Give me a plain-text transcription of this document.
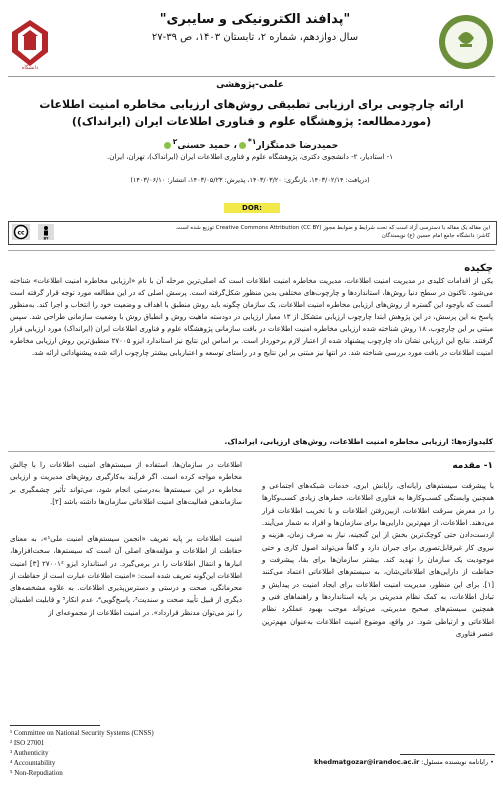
دانشگاه
"پدافند الکترونیکی و سایبری"
سال دوازدهم، شماره ۲، تابستان ۱۴۰۳، ص ۳۹-۲۷
علمی-پژوهشی
ارائه چارچوبی برای ارزیابی تطبیقی روش‌های ارزیابی مخاطره امنیت اطلاعات
(موردمطالعه: پژوهشگاه علوم و فناوری اطلاعات ایران (ایرانداک))
حمیدرضا خدمتگزار$^{۱*}$، حمید حسنی$^۲$
۱- استادیار، ۲- دانشجوی دکتری، پژوهشگاه علوم و فناوری اطلاعات ایران (ایرانداک)، تهران، ایران.
(دریافت: ۱۴۰۳/۰۲/۱۴، بازنگری: ۱۴۰۳/۰۳/۲۰، پذیرش: ۱۴۰۳/۰۵/۲۳، انتشار: ۱۴۰۳/۰۶/۱۰)
DOR:
cc
BY
این مقاله یک مقاله با دسترسی آزاد است که تحت شرایط و ضوابط مجوز Creative Commons Attribution (CC BY) توزیع شده است.
کاشر: دانشگاه جامع امام حسین (ع) نویسندگان
چکیده
یکی از اقدامات کلیدی در مدیریت امنیت اطلاعات، مدیریت مخاطره امنیت اطلاعات است که اصلی‌ترین مرحله آن با نام «ارزیابی مخاطره امنیت اطلاعات» شناخته می‌شود. تاکنون در سطح دنیا روش‌ها، استانداردها و چارچوب‌های مختلفی بدین منظور شکل‌گرفته است. پرسش اصلی که در این مطالعه مورد توجه قرار گرفته است آنست که باوجود این گستره از روش‌های ارزیابی مخاطره امنیت اطلاعات، یک سازمان چگونه باید روش منطبق با اهداف و وضعیت خود را انتخاب و اجرا کند. به‌منظور پاسخ به این پرسش، در این پژوهش ابتدا چارچوب ارزیابی متشکل از ۱۳ معیار ارزیابی در دودسته ماهیت روش و انطباق روش با وضعیت سازمانی طراحی شد. سپس مبتنی بر این چارچوب، ۱۸ روش شناخته شده ارزیابی مخاطره امنیت اطلاعات در بافت سازمانی پژوهشگاه علوم و فناوری اطلاعات ایران (ایرانداک) مورد ارزیابی قرار گرفتند. نتایج این ارزیابی نشان داد چارچوب پیشنهاد شده از اعتبار لازم برخوردار است. بر اساس این نتایج نیز استاندارد ایزو ۲۷۰۰۵ منطبق‌ترین روش ارزیابی مخاطره امنیت اطلاعات در بافت مورد بررسی شناخته شد. در انتها نیز مبتنی بر این نتایج و در راستای توسعه و اعتباریابی بیشتر چارچوب ارائه شده پیشنهاداتی ارائه شد.
کلیدواژه‌ها: ارزیابی مخاطره امنیت اطلاعات، روش‌های ارزیابی، ایرانداک.
۱- مقدمه
با پیشرفت سیستم‌های رایانه‌ای، رایانش ابری، خدمات شبکه‌های اجتماعی و همچنین وابستگی کسب‌وکارها به فناوری اطلاعات، خطرهای زیادی کسب‌وکارها را در معرض سرقت اطلاعات، ازبین‌رفتن اطلاعات و یا تخریب اطلاعات قرار می‌دهند. اطلاعات، از مهم‌ترین دارایی‌ها برای سازمان‌ها و افراد به شمار می‌آیند. ازدست‌دادن حتی کوچک‌ترین بخش از این گنجینه، نیاز به صرف زمان، هزینه و نیروی کار غیرقابل‌تصوری برای جبران دارد و گاهاً می‌تواند اصول کاری و حتی موجودیت یک سازمان را تهدید کند. بیشتر سازمان‌ها برای بقا، پیشرفت و حفاظت از دارایی‌های اطلاعاتی‌شان، به سیستم‌های اطلاعاتی اعتماد می‌کنند [۱]. برای این منظور، مدیریت امنیت اطلاعات برای ایجاد امنیت در پیدایش و تبادل اطلاعات، به کمک نظام مدیریتی بر پایه استانداردها و راهنماهای فنی و همچنین سیستم‌های صحیح مدیریتی، می‌تواند موجب بهبود عملکرد نظام اطلاعاتی و ارتباطی شود. در واقع، موضوع امنیت اطلاعات به‌عنوان مهم‌ترین عنصر فناوری
اطلاعات در سازمان‌ها، استفاده از سیستم‌های امنیت اطلاعات را با چالش مخاطره مواجه کرده است. اگر فرآیند به‌کارگیری روش‌های مدیریت و ارزیابی مخاطره در این سیستم‌ها به‌درستی انجام شود، می‌تواند تأثیر چشمگیری بر سازماندهی فعالیت‌های امنیت اطلاعاتی سازمان‌ها داشته باشد [۲].
امنیت اطلاعات بر پایه تعریف «انجمن سیستم‌های امنیت ملی¹»، به معنای حفاظت از اطلاعات و مؤلفه‌های اصلی آن است که سیستم‌ها، سخت‌افزارها، انبارها و انتقال اطلاعات را در برمی‌گیرد. در استاندارد ایزو ۲۷۰۰۱² [۳] امنیت اطلاعات این‌گونه تعریف شده است: «امنیت اطلاعات عبارت است از حفاظت از محرمانگی، صحت و درستی و دسترس‌پذیری اطلاعات. به علاوه مشخصه‌های دیگری از قبیل تأیید صحت و سندیت³، پاسخ‌گویی⁴، عدم انکار⁵ و قابلیت اطمینان را نیز می‌توان مدنظر قرارداد». در امنیت اطلاعات از مجموعه‌ای از
¹ Committee on National Security Systems (CNSS)
² ISO 27001
³ Authenticity
⁴ Accountability
⁵ Non-Repudiation
• رایانامه نویسنده مسئول: khedmatgozar@irandoc.ac.ir
